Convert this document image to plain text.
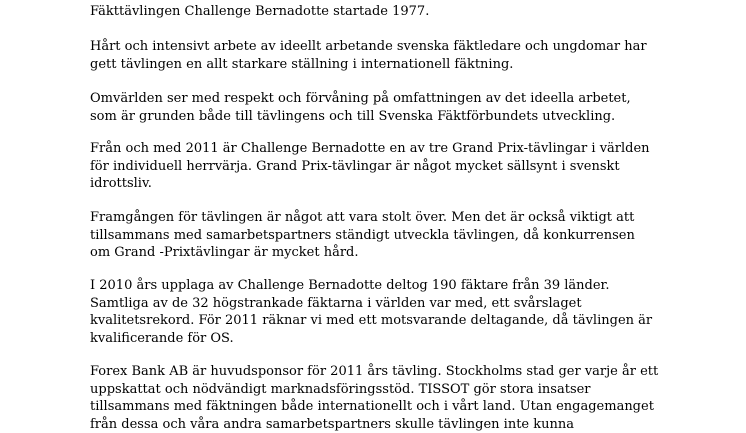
Fäkttävlingen Challenge Bernadotte startade 1977.

Hårt och intensivt arbete av ideellt arbetande svenska fäktledare och ungdomar har
gett tävlingen en allt starkare ställning i internationell fäktning.

Omvärlden ser med respekt och förvåning på omfattningen av det ideella arbetet,
som är grunden både till tävlingens och till Svenska Fäktförbundets utveckling.

Från och med 2011 är Challenge Bernadotte en av tre Grand Prix-tävlingar i världen
för individuell herrvärja. Grand Prix-tävlingar är något mycket sällsynt i svenskt
idrottsliv.

Framgången för tävlingen är något att vara stolt över. Men det är också viktigt att
tillsammans med samarbetspartners ständigt utveckla tävlingen, då konkurrensen
om Grand -Prixtävlingar är mycket hård.

I 2010 års upplaga av Challenge Bernadotte deltog 190 fäktare från 39 länder.
Samtliga av de 32 högstrankade fäktarna i världen var med, ett svårslaget
kvalitetsrekord. För 2011 räknar vi med ett motsvarande deltagande, då tävlingen är
kvalificerande för OS.

Forex Bank AB är huvudsponsor för 2011 års tävling. Stockholms stad ger varje år ett
uppskattat och nödvändigt marknadsföringsstöd. TISSOT gör stora insatser
tillsammans med fäktningen både internationellt och i vårt land. Utan engagemanget
från dessa och våra andra samarbetspartners skulle tävlingen inte kunna
